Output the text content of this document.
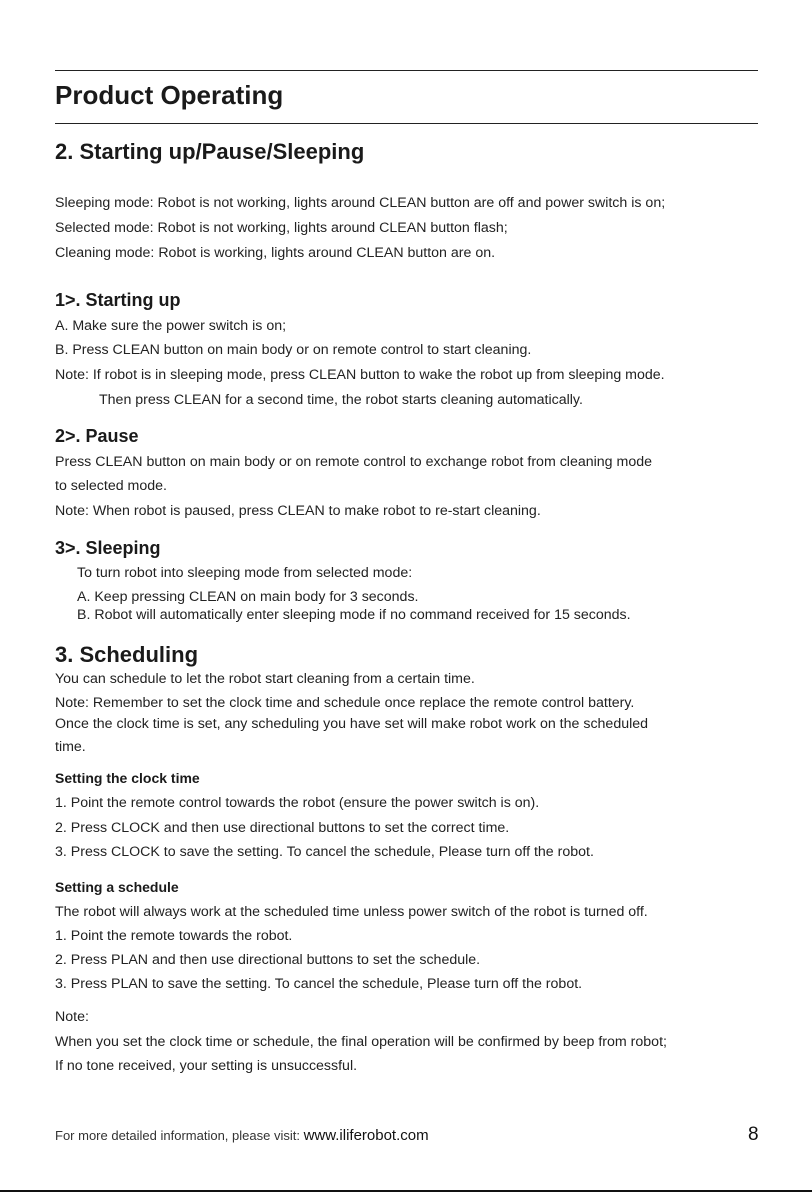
Product Operating
2. Starting up/Pause/Sleeping
Sleeping mode: Robot is not working, lights around CLEAN button are off and power switch is on;
Selected mode: Robot is not working, lights around CLEAN button flash;
Cleaning mode: Robot is working, lights around CLEAN button are on.
1>. Starting up
A. Make sure the power switch is on;
B. Press CLEAN button on main body or on remote control to start cleaning.
Note: If robot is in sleeping mode, press CLEAN button to wake the robot up from sleeping mode.
Then press CLEAN for a second time, the robot starts cleaning automatically.
2>. Pause
Press CLEAN button on main body or on remote control to exchange robot from cleaning mode
to selected mode.
Note: When robot is paused, press CLEAN to make robot to re-start cleaning.
3>. Sleeping
To turn robot into sleeping mode from selected mode:
A. Keep pressing CLEAN on main body for 3 seconds.
B. Robot will automatically enter sleeping mode if no command received for 15 seconds.
3. Scheduling
You can schedule to let the robot start cleaning from a certain time.
Note: Remember to set the clock time and schedule once replace the remote control battery.
Once the clock time is set, any scheduling you have set will make robot work on the scheduled
time.
Setting the clock time
1. Point the remote control towards the robot (ensure the power switch is on).
2. Press CLOCK and then use directional buttons to set the correct time.
3. Press CLOCK to save the setting. To cancel the schedule, Please turn off the robot.
Setting a schedule
The robot will always work at the scheduled time unless power switch of the robot is turned off.
1. Point the remote towards the robot.
2. Press PLAN and then use directional buttons to set the schedule.
3. Press PLAN to save the setting. To cancel the schedule, Please turn off the robot.
Note:
When you set the clock time or schedule, the final operation will be confirmed by beep from robot;
If no tone received, your setting is unsuccessful.
For more detailed information, please visit: www.iliferobot.com	8
